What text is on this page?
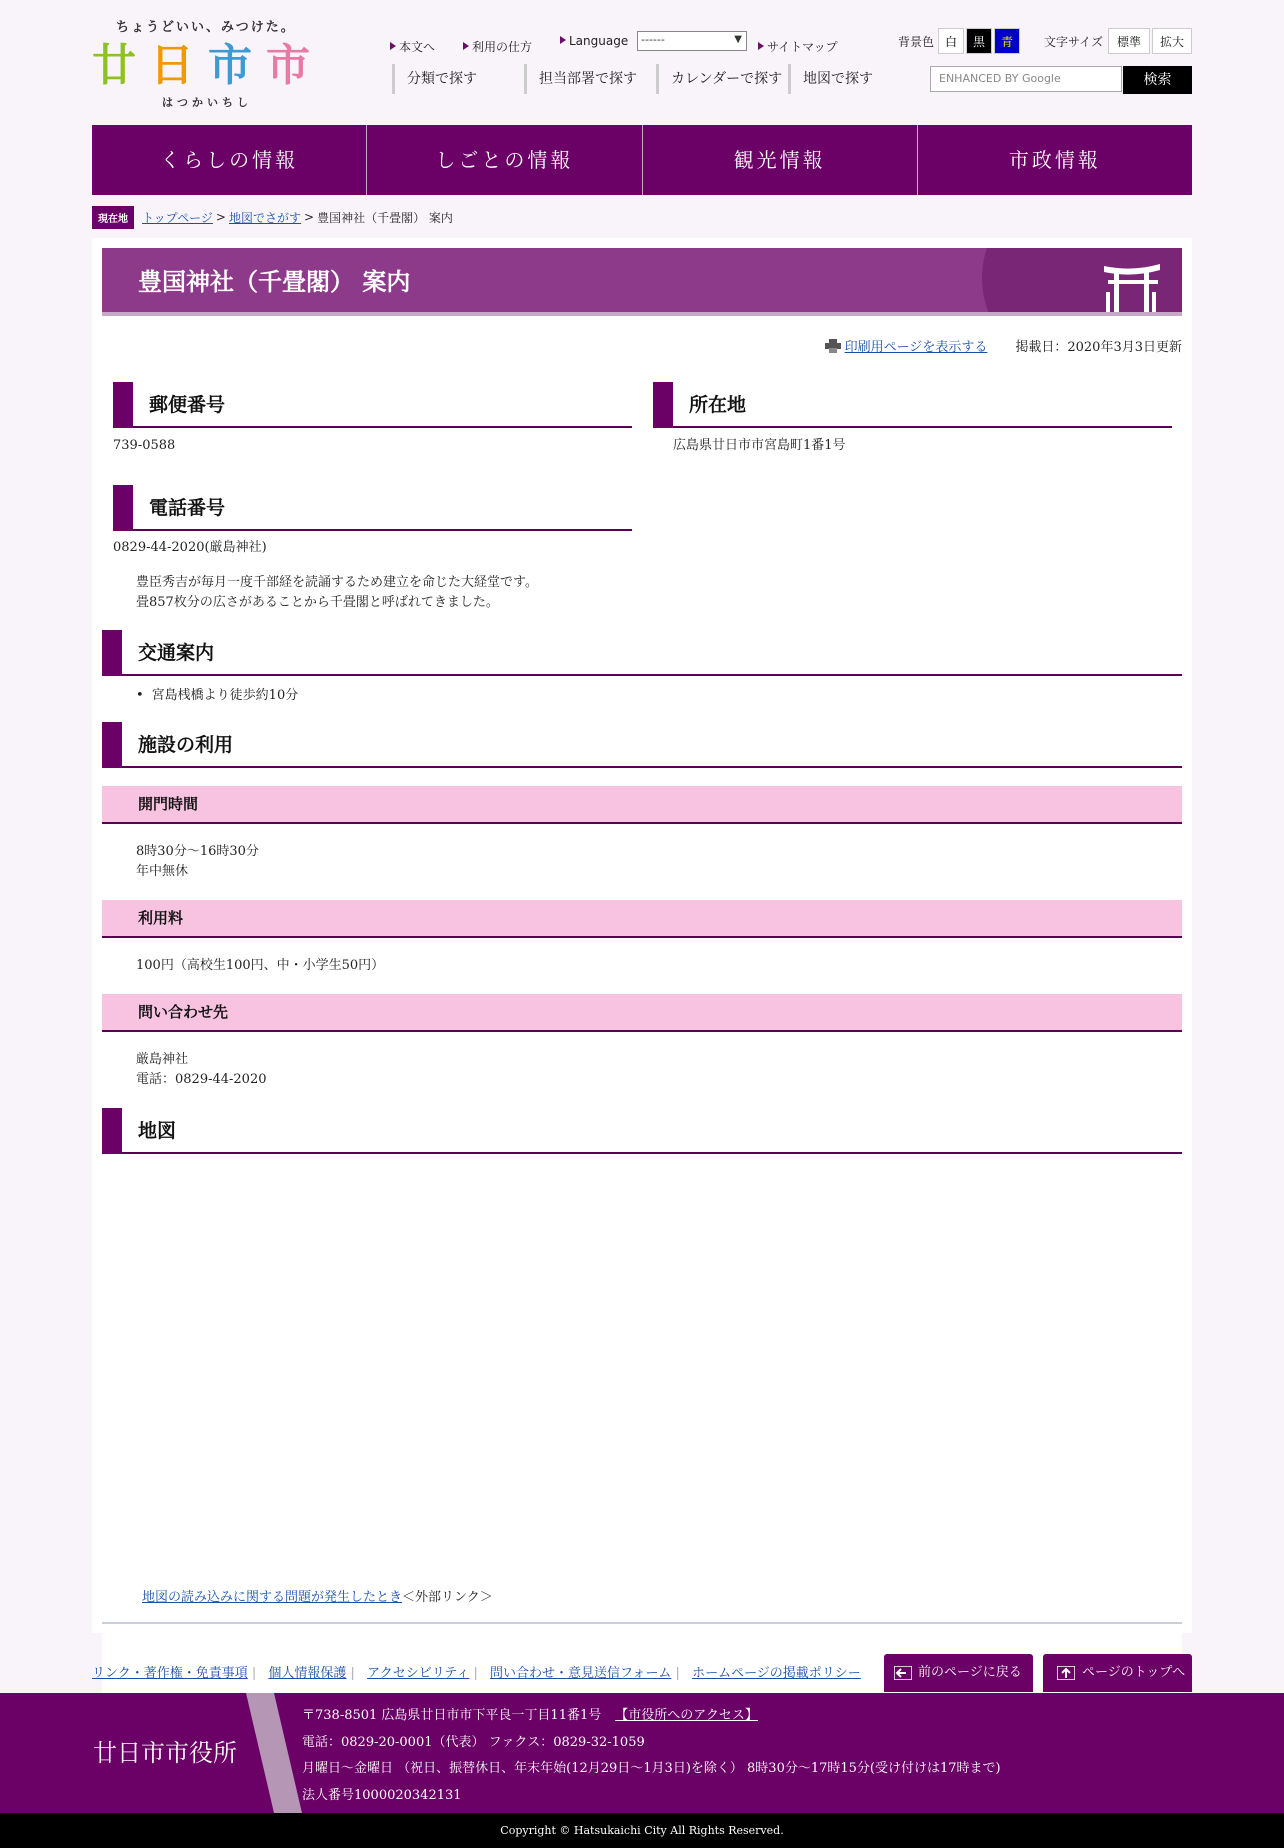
ちょうどいい、みつけた。
廿日市市
はつかいちし
本文へ	利用の仕方	Language	サイトマップ
------	▼
分類で探す	担当部署で探す	カレンダーで探す	地図で探す
背景色 白	黒	青	文字サイズ	標準	拡大
ENHANCED BY Google	検索
くらしの情報	しごとの情報	観光情報	市政情報
現在地	トップページ > 地図でさがす > 豊国神社（千畳閣） 案内
豊国神社（千畳閣） 案内
印刷用ページを表示する 掲載日：2020年3月3日更新
郵便番号
739-0588
所在地
広島県廿日市市宮島町1番1号
電話番号
0829-44-2020(厳島神社)
豊臣秀吉が毎月一度千部経を読誦するため建立を命じた大経堂です。
畳857枚分の広さがあることから千畳閣と呼ばれてきました。
交通案内
• 宮島桟橋より徒歩約10分
施設の利用
開門時間
8時30分～16時30分
年中無休
利用料
100円（高校生100円、中・小学生50円）
問い合わせ先
厳島神社
電話：0829-44-2020
地図
地図の読み込みに関する問題が発生したとき＜外部リンク＞
リンク・著作権・免責事項 | 個人情報保護 | アクセシビリティ | 問い合わせ・意見送信フォーム | ホームページの掲載ポリシー	前のページに戻る	ページのトップへ
廿日市市役所
〒738-8501 広島県廿日市市下平良一丁目11番1号 【市役所へのアクセス】
電話：0829-20-0001（代表） ファクス：0829-32-1059
月曜日～金曜日 （祝日、振替休日、年末年始(12月29日～1月3日)を除く） 8時30分～17時15分(受け付けは17時まで)
法人番号1000020342131
Copyright © Hatsukaichi City All Rights Reserved.
